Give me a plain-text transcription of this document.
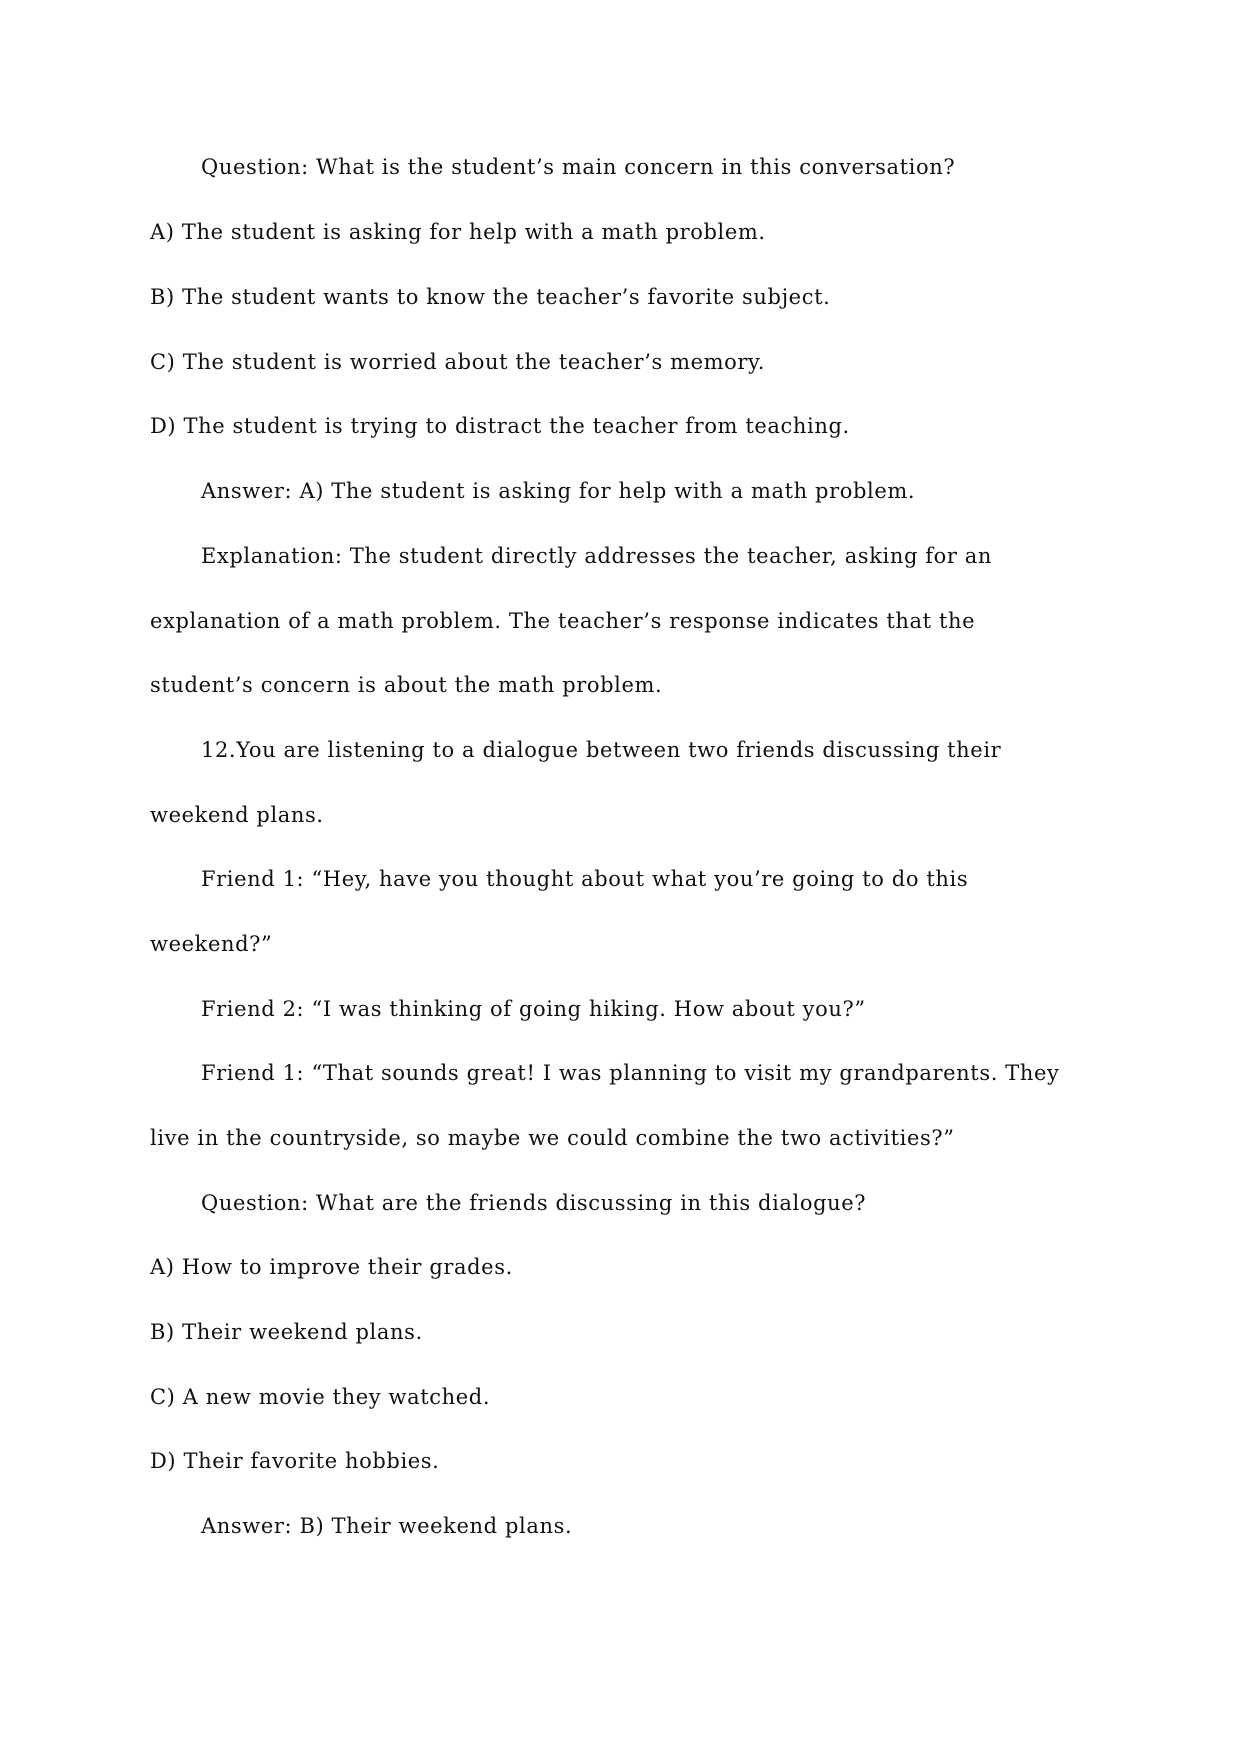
Question: What is the student’s main concern in this conversation?
A) The student is asking for help with a math problem.
B) The student wants to know the teacher’s favorite subject.
C) The student is worried about the teacher’s memory.
D) The student is trying to distract the teacher from teaching.
Answer: A) The student is asking for help with a math problem.
Explanation: The student directly addresses the teacher, asking for an
explanation of a math problem. The teacher’s response indicates that the
student’s concern is about the math problem.
12.You are listening to a dialogue between two friends discussing their
weekend plans.
Friend 1: “Hey, have you thought about what you’re going to do this
weekend?”
Friend 2: “I was thinking of going hiking. How about you?”
Friend 1: “That sounds great! I was planning to visit my grandparents. They
live in the countryside, so maybe we could combine the two activities?”
Question: What are the friends discussing in this dialogue?
A) How to improve their grades.
B) Their weekend plans.
C) A new movie they watched.
D) Their favorite hobbies.
Answer: B) Their weekend plans.
